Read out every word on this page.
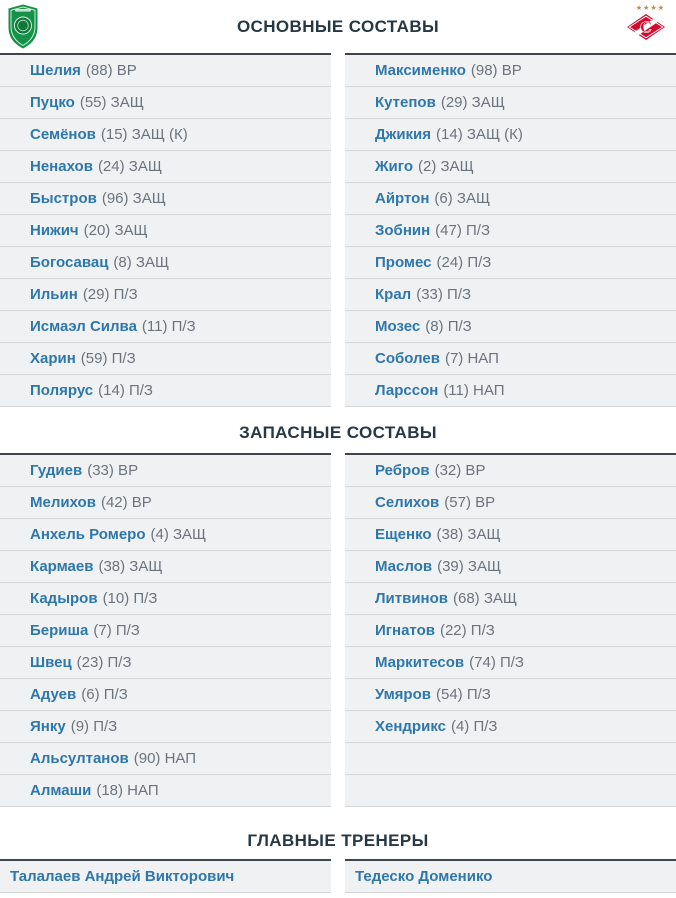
ОСНОВНЫЕ СОСТАВЫ
★★★★
C
Шелия (88) ВР
Пуцко (55) ЗАЩ
Семёнов (15) ЗАЩ (К)
Ненахов (24) ЗАЩ
Быстров (96) ЗАЩ
Нижич (20) ЗАЩ
Богосавац (8) ЗАЩ
Ильин (29) П/З
Исмаэл Силва (11) П/З
Харин (59) П/З
Полярус (14) П/З
Максименко (98) ВР
Кутепов (29) ЗАЩ
Джикия (14) ЗАЩ (К)
Жиго (2) ЗАЩ
Айртон (6) ЗАЩ
Зобнин (47) П/З
Промес (24) П/З
Крал (33) П/З
Мозес (8) П/З
Соболев (7) НАП
Ларссон (11) НАП
ЗАПАСНЫЕ СОСТАВЫ
Гудиев (33) ВР
Мелихов (42) ВР
Анхель Ромеро (4) ЗАЩ
Кармаев (38) ЗАЩ
Кадыров (10) П/З
Бериша (7) П/З
Швец (23) П/З
Адуев (6) П/З
Янку (9) П/З
Альсултанов (90) НАП
Алмаши (18) НАП
Ребров (32) ВР
Селихов (57) ВР
Ещенко (38) ЗАЩ
Маслов (39) ЗАЩ
Литвинов (68) ЗАЩ
Игнатов (22) П/З
Маркитесов (74) П/З
Умяров (54) П/З
Хендрикс (4) П/З
ГЛАВНЫЕ ТРЕНЕРЫ
Талалаев Андрей Викторович	Тедеско Доменико
